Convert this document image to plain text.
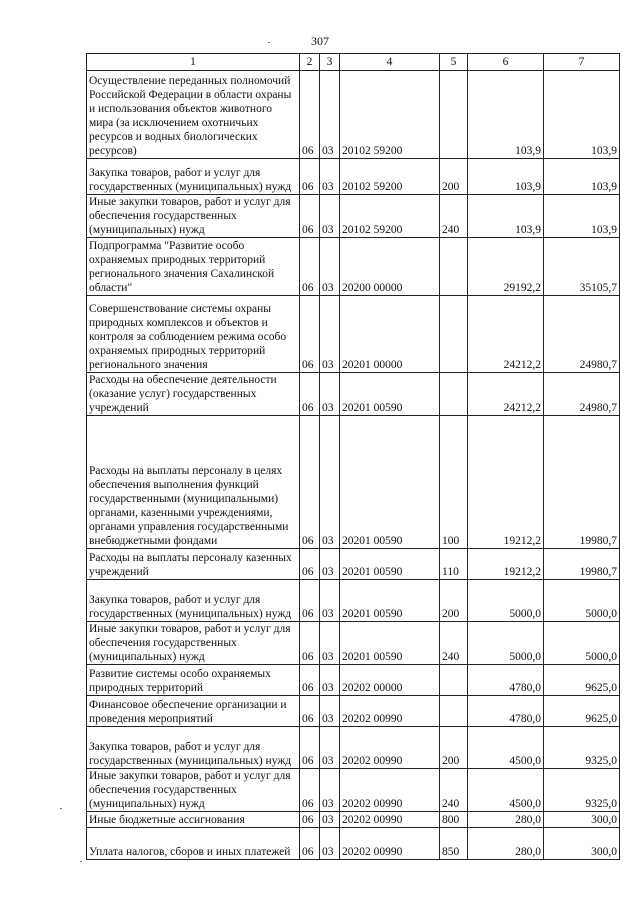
307
1	2	3	4	5	6	7
Осуществление переданных полномочий Российской Федерации в области охраны и использования объектов животного мира (за исключением охотничьих ресурсов и водных биологических ресурсов)	06	03	20102 59200		103,9	103,9
Закупка товаров, работ и услуг для государственных (муниципальных) нужд	06	03	20102 59200	200	103,9	103,9
Иные закупки товаров, работ и услуг для обеспечения государственных (муниципальных) нужд	06	03	20102 59200	240	103,9	103,9
Подпрограмма "Развитие особо охраняемых природных территорий регионального значения Сахалинской области"	06	03	20200 00000		29192,2	35105,7
Совершенствование системы охраны природных комплексов и объектов и контроля за соблюдением режима особо охраняемых природных территорий регионального значения	06	03	20201 00000		24212,2	24980,7
Расходы на обеспечение деятельности (оказание услуг) государственных учреждений	06	03	20201 00590		24212,2	24980,7
Расходы на выплаты персоналу в целях обеспечения выполнения функций государственными (муниципальными) органами, казенными учреждениями, органами управления государственными внебюджетными фондами	06	03	20201 00590	100	19212,2	19980,7
Расходы на выплаты персоналу казенных учреждений	06	03	20201 00590	110	19212,2	19980,7
Закупка товаров, работ и услуг для государственных (муниципальных) нужд	06	03	20201 00590	200	5000,0	5000,0
Иные закупки товаров, работ и услуг для обеспечения государственных (муниципальных) нужд	06	03	20201 00590	240	5000,0	5000,0
Развитие системы особо охраняемых природных территорий	06	03	20202 00000		4780,0	9625,0
Финансовое обеспечение организации и проведения мероприятий	06	03	20202 00990		4780,0	9625,0
Закупка товаров, работ и услуг для государственных (муниципальных) нужд	06	03	20202 00990	200	4500,0	9325,0
Иные закупки товаров, работ и услуг для обеспечения государственных (муниципальных) нужд	06	03	20202 00990	240	4500,0	9325,0
Иные бюджетные ассигнования	06	03	20202 00990	800	280,0	300,0
Уплата налогов, сборов и иных платежей	06	03	20202 00990	850	280,0	300,0
